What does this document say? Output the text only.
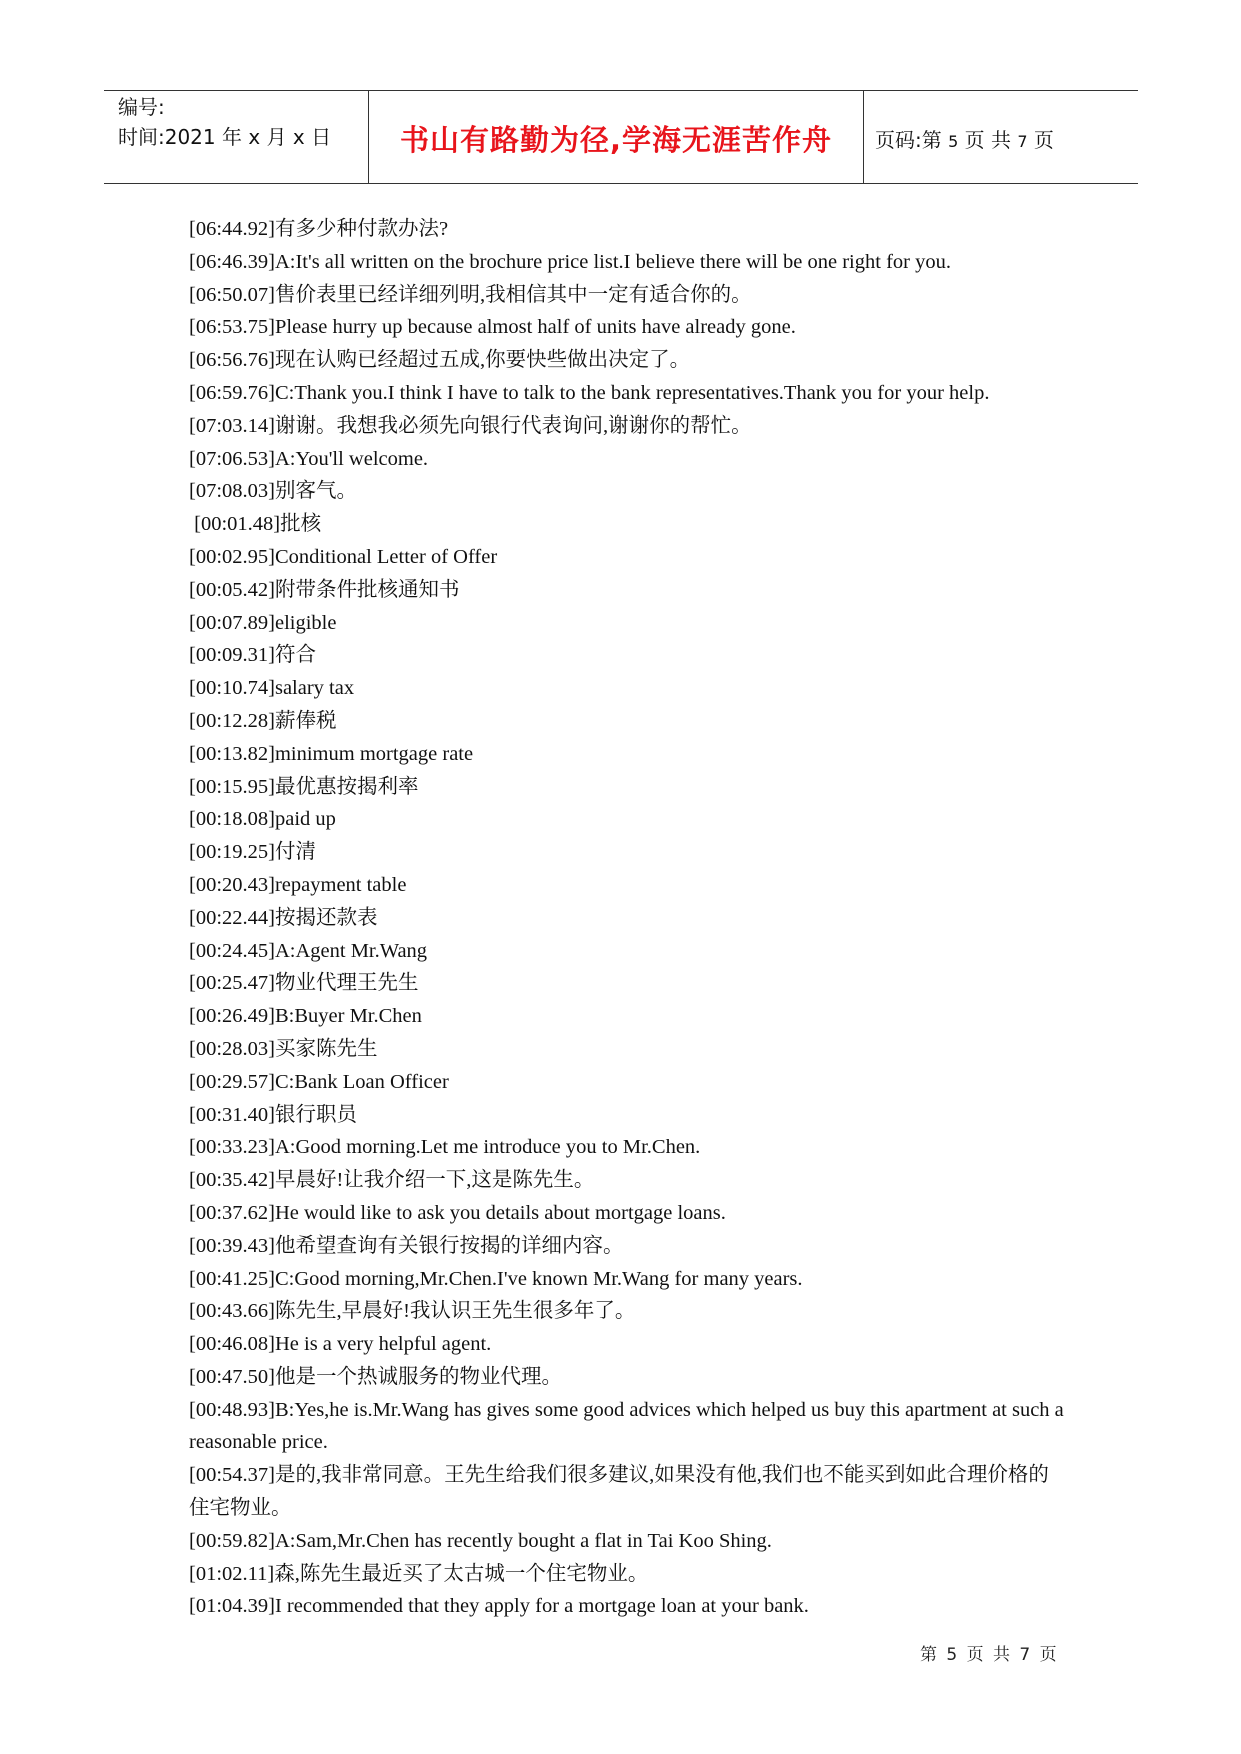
编号:
时间:2021 年 x 月 x 日	书山有路勤为径,学海无涯苦作舟	页码:第 5 页 共 7 页
[06:44.92]有多少种付款办法?
[06:46.39]A:It's all written on the brochure price list.I believe there will be one right for you.
[06:50.07]售价表里已经详细列明,我相信其中一定有适合你的。
[06:53.75]Please hurry up because almost half of units have already gone.
[06:56.76]现在认购已经超过五成,你要快些做出决定了。
[06:59.76]C:Thank you.I think I have to talk to the bank representatives.Thank you for your help.
[07:03.14]谢谢。我想我必须先向银行代表询问,谢谢你的帮忙。
[07:06.53]A:You'll welcome.
[07:08.03]别客气。
[00:01.48]批核
[00:02.95]Conditional Letter of Offer
[00:05.42]附带条件批核通知书
[00:07.89]eligible
[00:09.31]符合
[00:10.74]salary tax
[00:12.28]薪俸税
[00:13.82]minimum mortgage rate
[00:15.95]最优惠按揭利率
[00:18.08]paid up
[00:19.25]付清
[00:20.43]repayment table
[00:22.44]按揭还款表
[00:24.45]A:Agent Mr.Wang
[00:25.47]物业代理王先生
[00:26.49]B:Buyer Mr.Chen
[00:28.03]买家陈先生
[00:29.57]C:Bank Loan Officer
[00:31.40]银行职员
[00:33.23]A:Good morning.Let me introduce you to Mr.Chen.
[00:35.42]早晨好!让我介绍一下,这是陈先生。
[00:37.62]He would like to ask you details about mortgage loans.
[00:39.43]他希望查询有关银行按揭的详细内容。
[00:41.25]C:Good morning,Mr.Chen.I've known Mr.Wang for many years.
[00:43.66]陈先生,早晨好!我认识王先生很多年了。
[00:46.08]He is a very helpful agent.
[00:47.50]他是一个热诚服务的物业代理。
[00:48.93]B:Yes,he is.Mr.Wang has gives some good advices which helped us buy this apartment at such a reasonable price.
[00:54.37]是的,我非常同意。王先生给我们很多建议,如果没有他,我们也不能买到如此合理价格的住宅物业。
[00:59.82]A:Sam,Mr.Chen has recently bought a flat in Tai Koo Shing.
[01:02.11]森,陈先生最近买了太古城一个住宅物业。
[01:04.39]I recommended that they apply for a mortgage loan at your bank.
第 5 页 共 7 页
